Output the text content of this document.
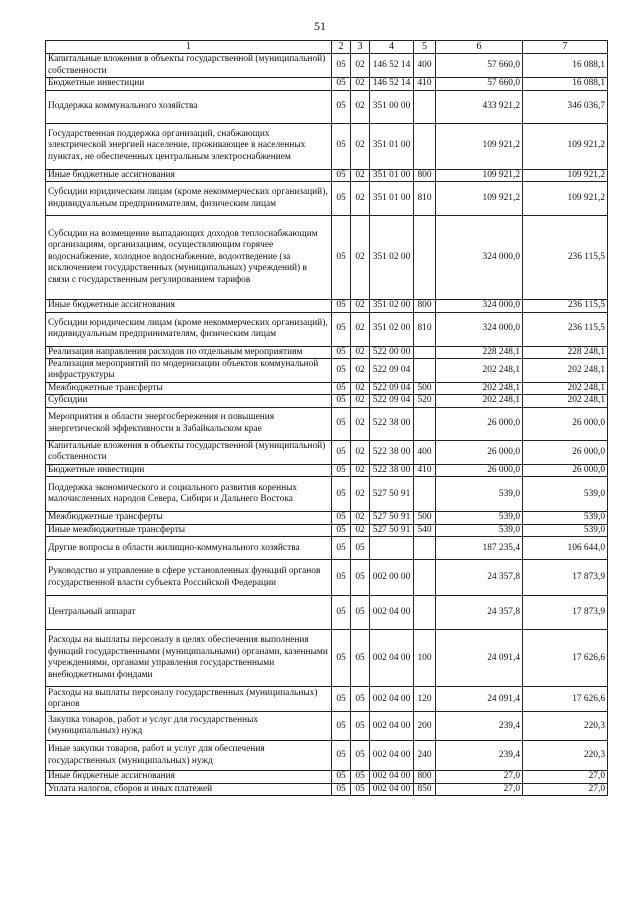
51
1	2	3	4	5	6	7
Капитальные вложения в объекты государственной (муниципальной) собственности	05	02	146 52 14	400	57 660,0	16 088,1
Бюджетные инвестиции	05	02	146 52 14	410	57 660,0	16 088,1
Поддержка коммунального хозяйства	05	02	351 00 00		433 921,2	346 036,7
Государственная поддержка организаций, снабжающих электрической энергией население, проживающее в населенных пунктах, не обеспеченных центральным электроснабжением	05	02	351 01 00		109 921,2	109 921,2
Иные бюджетные ассигнования	05	02	351 01 00	800	109 921,2	109 921,2
Субсидии юридическим лицам (кроме некоммерческих организаций), индивидуальным предпринимателям, физическим лицам	05	02	351 01 00	810	109 921,2	109 921,2
Субсидии на возмещение выпадающих доходов теплоснабжающим организациям, организациям, осуществляющим горячее водоснабжение, холодное водоснабжение, водоотведение (за исключением государственных (муниципальных) учреждений) в связи с государственным регулированием тарифов	05	02	351 02 00		324 000,0	236 115,5
Иные бюджетные ассигнования	05	02	351 02 00	800	324 000,0	236 115,5
Субсидии юридическим лицам (кроме некоммерческих организаций), индивидуальным предпринимателям, физическим лицам	05	02	351 02 00	810	324 000,0	236 115,5
Реализация направления расходов по отдельным мероприятиям	05	02	522 00 00		228 248,1	228 248,1
Реализация мероприятий по модернизации объектов коммунальной инфраструктуры	05	02	522 09 04		202 248,1	202 248,1
Межбюджетные трансферты	05	02	522 09 04	500	202 248,1	202 248,1
Субсидии	05	02	522 09 04	520	202 248,1	202 248,1
Мероприятия в области энергосбережения и повышения энергетической эффективности в Забайкальском крае	05	02	522 38 00		26 000,0	26 000,0
Капитальные вложения в объекты государственной (муниципальной) собственности	05	02	522 38 00	400	26 000,0	26 000,0
Бюджетные инвестиции	05	02	522 38 00	410	26 000,0	26 000,0
Поддержка экономического и социального развития коренных малочисленных народов Севера, Сибири и Дальнего Востока	05	02	527 50 91		539,0	539,0
Межбюджетные трансферты	05	02	527 50 91	500	539,0	539,0
Иные межбюджетные трансферты	05	02	527 50 91	540	539,0	539,0
Другие вопросы в области жилищно-коммунального хозяйства	05	05			187 235,4	106 644,0
Руководство и управление в сфере установленных функций органов государственной власти субъекта Российской Федерации	05	05	002 00 00		24 357,8	17 873,9
Центральный аппарат	05	05	002 04 00		24 357,8	17 873,9
Расходы на выплаты персоналу в целях обеспечения выполнения функций государственными (муниципальными) органами, казенными учреждениями, органами управления государственными внебюджетными фондами	05	05	002 04 00	100	24 091,4	17 626,6
Расходы на выплаты персоналу государственных (муниципальных) органов	05	05	002 04 00	120	24 091,4	17 626,6
Закупка товаров, работ и услуг для государственных (муниципальных) нужд	05	05	002 04 00	200	239,4	220,3
Иные закупки товаров, работ и услуг для обеспечения государственных (муниципальных) нужд	05	05	002 04 00	240	239,4	220,3
Иные бюджетные ассигнования	05	05	002 04 00	800	27,0	27,0
Уплата налогов, сборов и иных платежей	05	05	002 04 00	850	27,0	27,0
